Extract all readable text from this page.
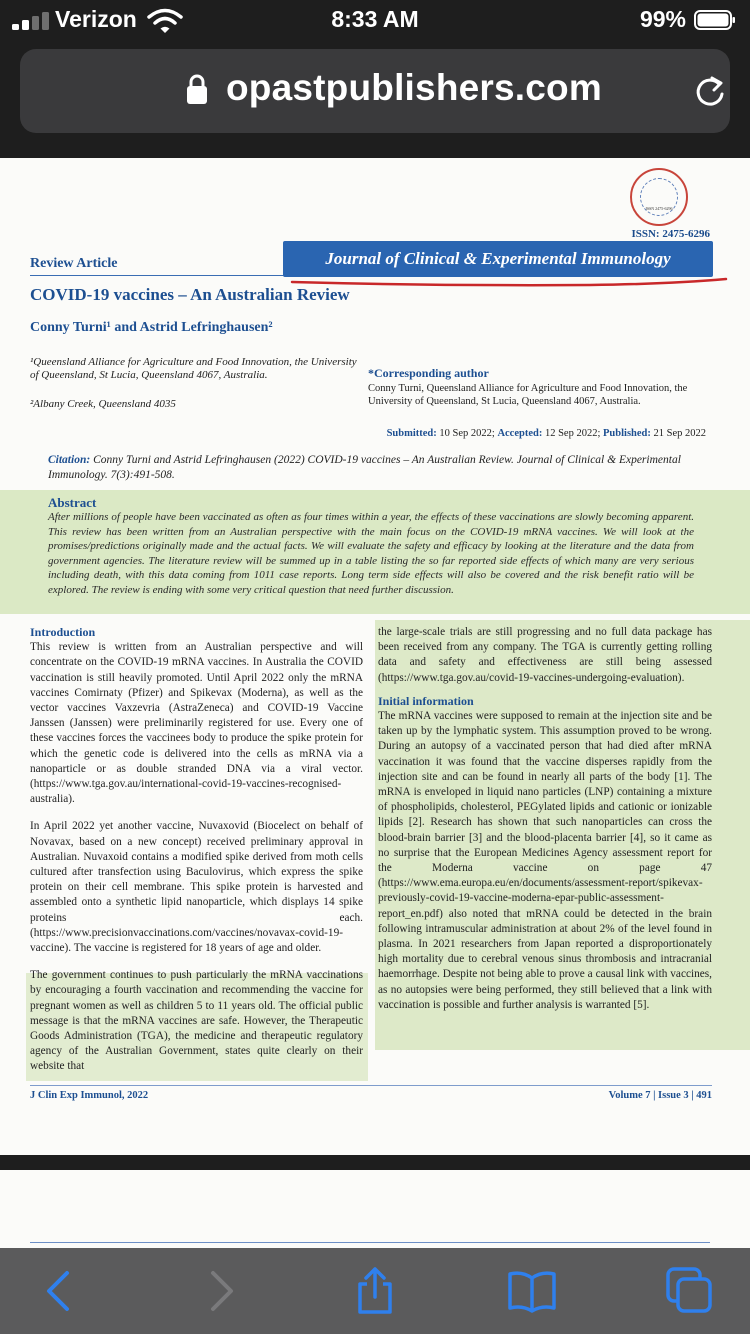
Verizon	8:33 AM	99%
opastpublishers.com
ISSN 2475-6296
ISSN: 2475-6296
Review Article	Journal of Clinical & Experimental Immunology
COVID-19 vaccines – An Australian Review
Conny Turni¹ and Astrid Lefringhausen²
¹Queensland Alliance for Agriculture and Food Innovation, the University of Queensland, St Lucia, Queensland 4067, Australia.
²Albany Creek, Queensland 4035
*Corresponding author
Conny Turni, Queensland Alliance for Agriculture and Food Innovation, the University of Queensland, St Lucia, Queensland 4067, Australia.
Submitted: 10 Sep 2022; Accepted: 12 Sep 2022; Published: 21 Sep 2022
Citation: Conny Turni and Astrid Lefringhausen (2022) COVID-19 vaccines – An Australian Review. Journal of Clinical & Experimental Immunology. 7(3):491-508.
Abstract
After millions of people have been vaccinated as often as four times within a year, the effects of these vaccinations are slowly becoming apparent. This review has been written from an Australian perspective with the main focus on the COVID-19 mRNA vaccines. We will look at the promises/predictions originally made and the actual facts. We will evaluate the safety and efficacy by looking at the literature and the data from government agencies. The literature review will be summed up in a table listing the so far reported side effects of which many are very serious including death, with this data coming from 1011 case reports. Long term side effects will also be covered and the risk benefit ratio will be explored. The review is ending with some very critical question that need further discussion.
Introduction

This review is written from an Australian perspective and will concentrate on the COVID-19 mRNA vaccines. In Australia the COVID vaccination is still heavily promoted. Until April 2022 only the mRNA vaccines Comirnaty (Pfizer) and Spikevax (Moderna), as well as the vector vaccines Vaxzevria (AstraZeneca) and COVID-19 Vaccine Janssen (Janssen) were preliminarily registered for use. Every one of these vaccines forces the vaccinees body to produce the spike protein for which the genetic code is delivered into the cells as mRNA via a nanoparticle or as double stranded DNA via a viral vector. (https://www.tga.gov.au/international-covid-19-vaccines-recognised-australia).

In April 2022 yet another vaccine, Nuvaxovid (Biocelect on behalf of Novavax, based on a new concept) received preliminary approval in Australian. Nuvaxoid contains a modified spike derived from moth cells cultured after transfection using Baculovirus, which express the spike protein on their cell membrane. This spike protein is harvested and assembled onto a synthetic lipid nanoparticle, which displays 14 spike proteins each. (https://www.precisionvaccinations.com/vaccines/novavax-covid-19-vaccine). The vaccine is registered for 18 years of age and older.

The government continues to push particularly the mRNA vaccinations by encouraging a fourth vaccination and recommending the vaccine for pregnant women as well as children 5 to 11 years old. The official public message is that the mRNA vaccines are safe. However, the Therapeutic Goods Administration (TGA), the medicine and therapeutic regulatory agency of the Australian Government, states quite clearly on their website that

the large-scale trials are still progressing and no full data package has been received from any company. The TGA is currently getting rolling data and safety and effectiveness are still being assessed (https://www.tga.gov.au/covid-19-vaccines-undergoing-evaluation).

Initial information

The mRNA vaccines were supposed to remain at the injection site and be taken up by the lymphatic system. This assumption proved to be wrong. During an autopsy of a vaccinated person that had died after mRNA vaccination it was found that the vaccine disperses rapidly from the injection site and can be found in nearly all parts of the body [1]. The mRNA is enveloped in liquid nano particles (LNP) containing a mixture of phospholipids, cholesterol, PEGylated lipids and cationic or ionizable lipids [2]. Research has shown that such nanoparticles can cross the blood-brain barrier [3] and the blood-placenta barrier [4], so it came as no surprise that the European Medicines Agency assessment report for the Moderna vaccine on page 47 (https://www.ema.europa.eu/en/documents/assessment-report/spikevax-previously-covid-19-vaccine-moderna-epar-public-assessment-report_en.pdf) also noted that mRNA could be detected in the brain following intramuscular administration at about 2% of the level found in plasma. In 2021 researchers from Japan reported a disproportionately high mortality due to cerebral venous sinus thrombosis and intracranial haemorrhage. Despite not being able to prove a causal link with vaccines, as no autopsies were being performed, they still believed that a link with vaccination is possible and further analysis is warranted [5].

J Clin Exp Immunol, 2022	Volume 7 | Issue 3 | 491
